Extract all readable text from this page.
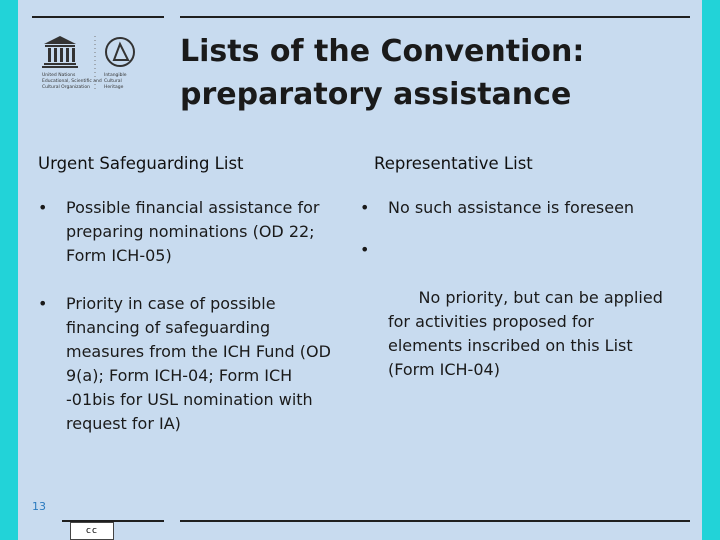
United Nations
Educational, Scientific and
Cultural Organization
Intangible
Cultural
Heritage
Lists of the Convention:
preparatory assistance
Urgent Safeguarding List
• Possible financial assistance for preparing nominations (OD 22; Form ICH-05)
• Priority in case of possible financing of safeguarding measures from the ICH Fund (OD 9(a); Form ICH-04; Form ICH -01bis for USL nomination with request for IA)
Representative List
• No such assistance is foreseen

•

No priority, but can be applied for activities proposed for elements inscribed on this List          (Form ICH-04)

13
cc
